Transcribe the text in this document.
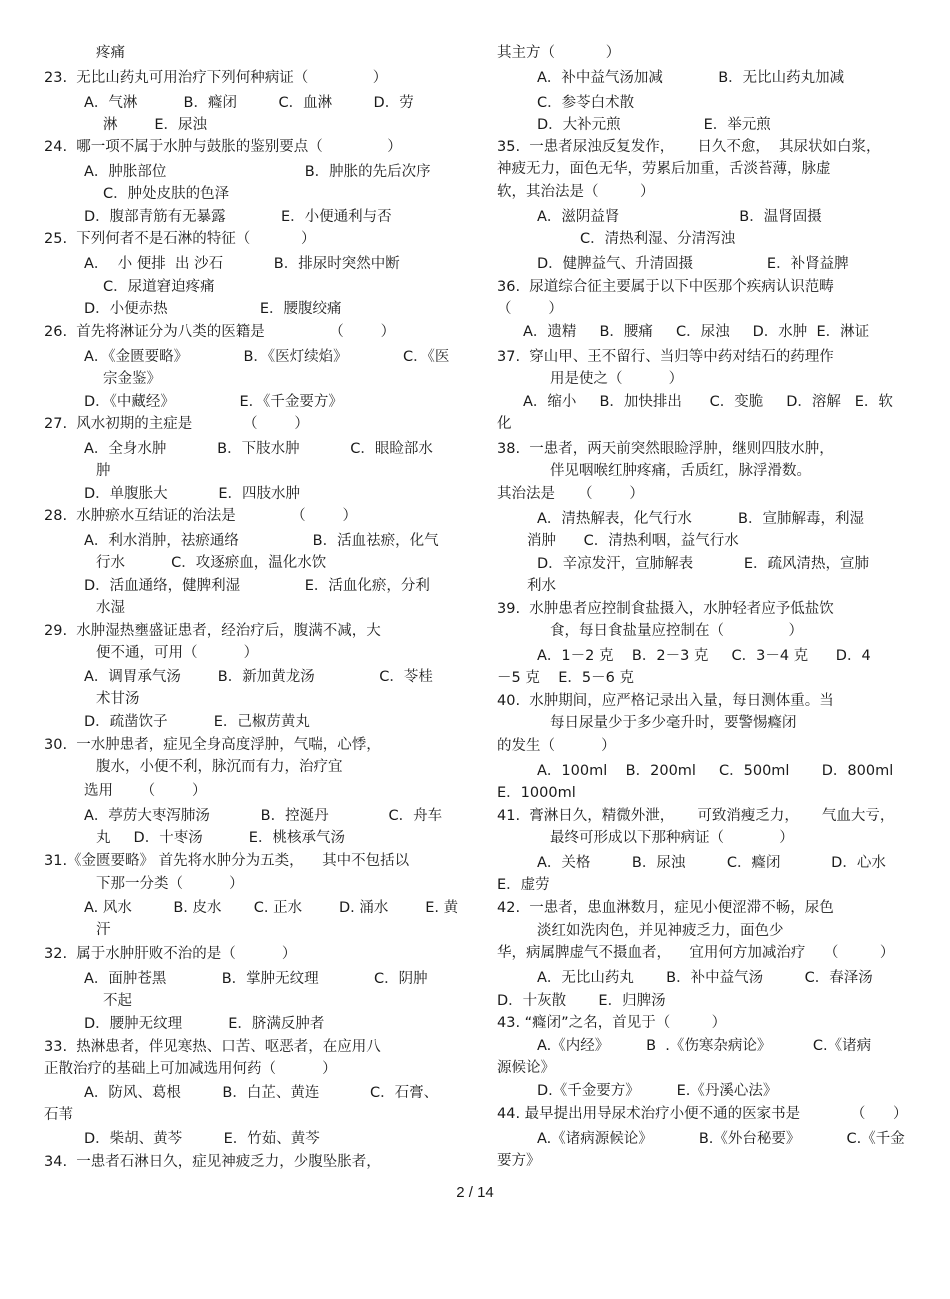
疼痛
23.  无比山药丸可用治疗下列何种病证（              ）
A．气淋          B．癃闭         C．血淋         D．劳
淋        E．尿浊
24.  哪一项不属于水肿与鼓胀的鉴别要点（              ）
A．肿胀部位                              B．肿胀的先后次序
C．肿处皮肤的色泽
D．腹部青筋有无暴露            E．小便通利与否
25.  下列何者不是石淋的特征（           ）
A．  小 便排  出 沙石           B．排尿时突然中断
C．尿道窘迫疼痛
D．小便赤热                    E．腰腹绞痛
26.  首先将淋证分为八类的医籍是              （        ）
A．《金匮要略》            B．《医灯续焰》            C．《医
宗金鉴》
D．《中藏经》              E．《千金要方》
27.  风水初期的主症是           （        ）
A．全身水肿           B．下肢水肿           C．眼睑部水
肿
D．单腹胀大           E．四肢水肿
28.  水肿瘀水互结证的治法是            （        ）
A．利水消肿，祛瘀通络                B．活血祛瘀，化气
行水          C．攻逐瘀血，温化水饮
D．活血通络，健脾利湿              E．活血化瘀，分利
水湿
29.  水肿湿热壅盛证患者，经治疗后，腹满不减，大
便不通，可用（          ）
A．调胃承气汤        B．新加黄龙汤              C．苓桂
术甘汤
D．疏凿饮子          E．己椒苈黄丸
30.  一水肿患者，症见全身高度浮肿，气喘，心悸，
腹水，小便不利，脉沉而有力，治疗宜
选用      （        ）
A．葶苈大枣泻肺汤           B．控涎丹             C．舟车
丸     D．十枣汤          E．桃核承气汤
31.《金匮要略》 首先将水肿分为五类，    其中不包括以
下那一分类（          ）
A. 风水         B. 皮水       C. 正水        D. 涌水        E. 黄
汗
32.  属于水肿肝败不治的是（          ）
A．面肿苍黑            B．掌肿无纹理            C．阴肿
不起
D．腰肿无纹理          E．脐满反肿者
33.  热淋患者，伴见寒热、口苦、呕恶者，在应用八
正散治疗的基础上可加减选用何药（          ）
A．防风、葛根         B．白芷、黄连           C．石膏、
石苇
D．柴胡、黄芩         E．竹茹、黄芩
34.  一患者石淋日久，症见神疲乏力，少腹坠胀者，
其主方（           ）
A．补中益气汤加减            B．无比山药丸加减
C．参苓白术散
D．大补元煎                  E．举元煎
35.  一患者尿浊反复发作，     日久不愈，  其尿状如白浆，
神疲无力，面色无华，劳累后加重，舌淡苔薄，脉虚
软，其治法是（         ）
A．滋阴益肾                          B．温肾固摄
C．清热利湿、分清泻浊
D．健脾益气、升清固摄                E．补肾益脾
36.  尿道综合征主要属于以下中医那个疾病认识范畴
（        ）
A．遗精     B．腰痛     C．尿浊     D．水肿  E．淋证
37.  穿山甲、王不留行、当归等中药对结石的药理作
用是使之（          ）
A．缩小     B．加快排出      C．变脆     D．溶解   E．软
化
38.  一患者，两天前突然眼睑浮肿，继则四肢水肿，
伴见咽喉红肿疼痛，舌质红，脉浮滑数。
其治法是     （        ）
A．清热解表，化气行水          B．宣肺解毒，利湿
消肿      C．清热利咽，益气行水
D．辛凉发汗，宣肺解表           E．疏风清热，宣肺
利水
39.  水肿患者应控制食盐摄入，水肿轻者应予低盐饮
食，每日食盐量应控制在（              ）
A．1－2 克    B．2－3 克     C．3－4 克      D．4
－5 克    E．5－6 克
40.  水肿期间，应严格记录出入量，每日测体重。当
每日尿量少于多少毫升时，要警惕癃闭
的发生（          ）
A．100ml    B．200ml     C．500ml       D．800ml
E．1000ml
41.  膏淋日久，精微外泄，     可致消瘦乏力，     气血大亏，
最终可形成以下那种病证（            ）
A．关格         B．尿浊         C．癃闭           D．心水
E．虚劳
42.  一患者，患血淋数月，症见小便涩滞不畅，尿色
淡红如洗肉色，并见神疲乏力，面色少
华，病属脾虚气不摄血者，    宜用何方加减治疗    （         ）
A．无比山药丸       B．补中益气汤         C．春泽汤
D．十灰散       E．归脾汤
43. “癃闭”之名，首见于（         ）
A.《内经》        B  .《伤寒杂病论》         C.《诸病
源候论》
D.《千金要方》        E.《丹溪心法》
44. 最早提出用导尿术治疗小便不通的医家书是           （      ）
A.《诸病源候论》          B.《外台秘要》          C.《千金
要方》
2 / 14
